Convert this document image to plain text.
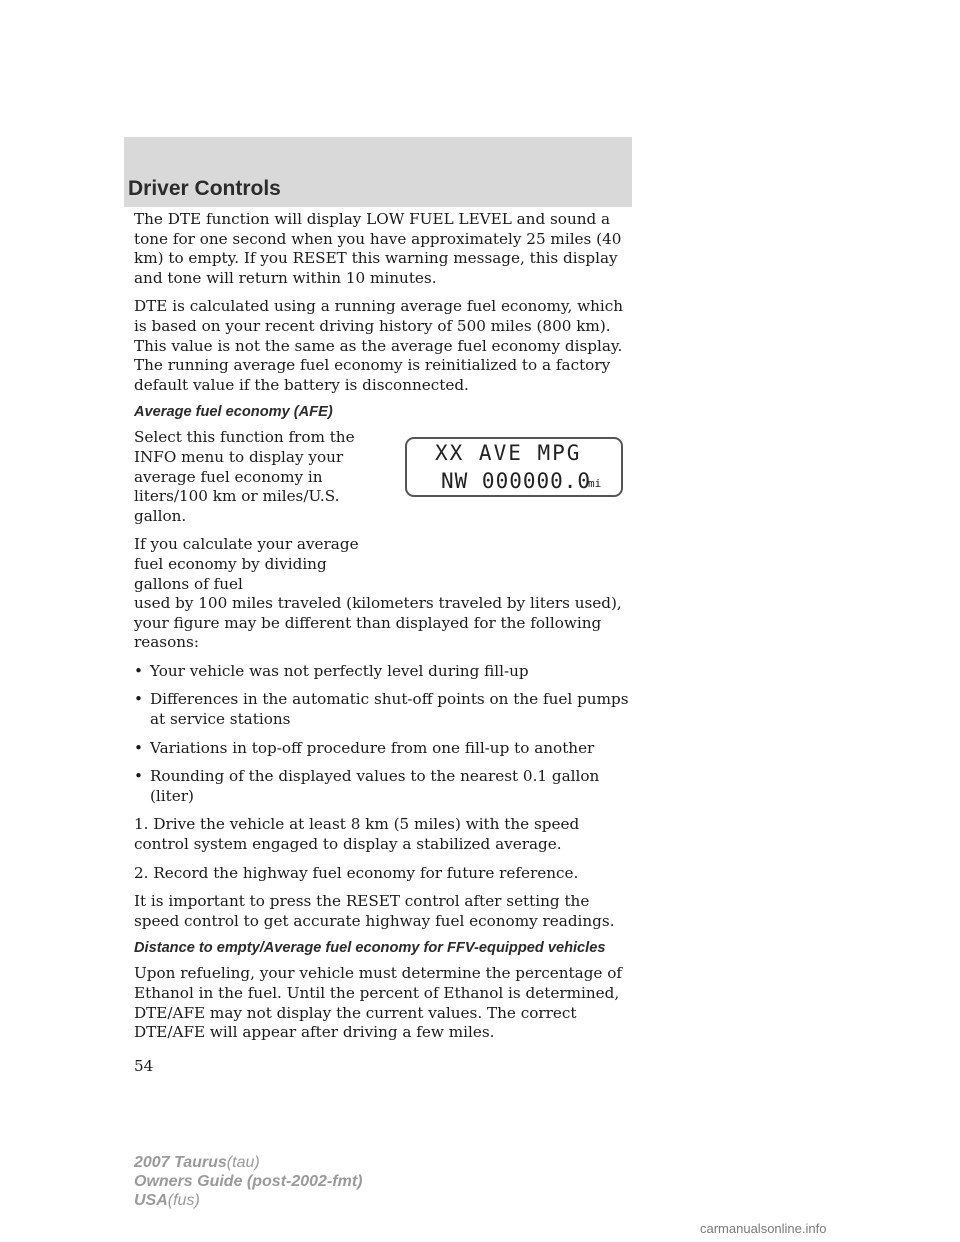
Driver Controls

The DTE function will display LOW FUEL LEVEL and sound a tone for one second when you have approximately 25 miles (40 km) to empty. If you RESET this warning message, this display and tone will return within 10 minutes.

DTE is calculated using a running average fuel economy, which is based on your recent driving history of 500 miles (800 km). This value is not the same as the average fuel economy display. The running average fuel economy is reinitialized to a factory default value if the battery is disconnected.

Average fuel economy (AFE)

Select this function from the INFO menu to display your average fuel economy in liters/100 km or miles/U.S. gallon.

If you calculate your average fuel economy by dividing gallons of fuel

used by 100 miles traveled (kilometers traveled by liters used), your figure may be different than displayed for the following reasons:

• Your vehicle was not perfectly level during fill-up
• Differences in the automatic shut-off points on the fuel pumps at service stations
• Variations in top-off procedure from one fill-up to another
• Rounding of the displayed values to the nearest 0.1 gallon (liter)

1. Drive the vehicle at least 8 km (5 miles) with the speed control system engaged to display a stabilized average.

2. Record the highway fuel economy for future reference.

It is important to press the RESET control after setting the speed control to get accurate highway fuel economy readings.

Distance to empty/Average fuel economy for FFV-equipped vehicles

Upon refueling, your vehicle must determine the percentage of Ethanol in the fuel. Until the percent of Ethanol is determined, DTE/AFE may not display the current values. The correct DTE/AFE will appear after driving a few miles.

54
XX AVE MPG
NW 000000.0
mi
2007 Taurus(tau)
Owners Guide (post-2002-fmt)
USA(fus)
carmanualsonline.info
